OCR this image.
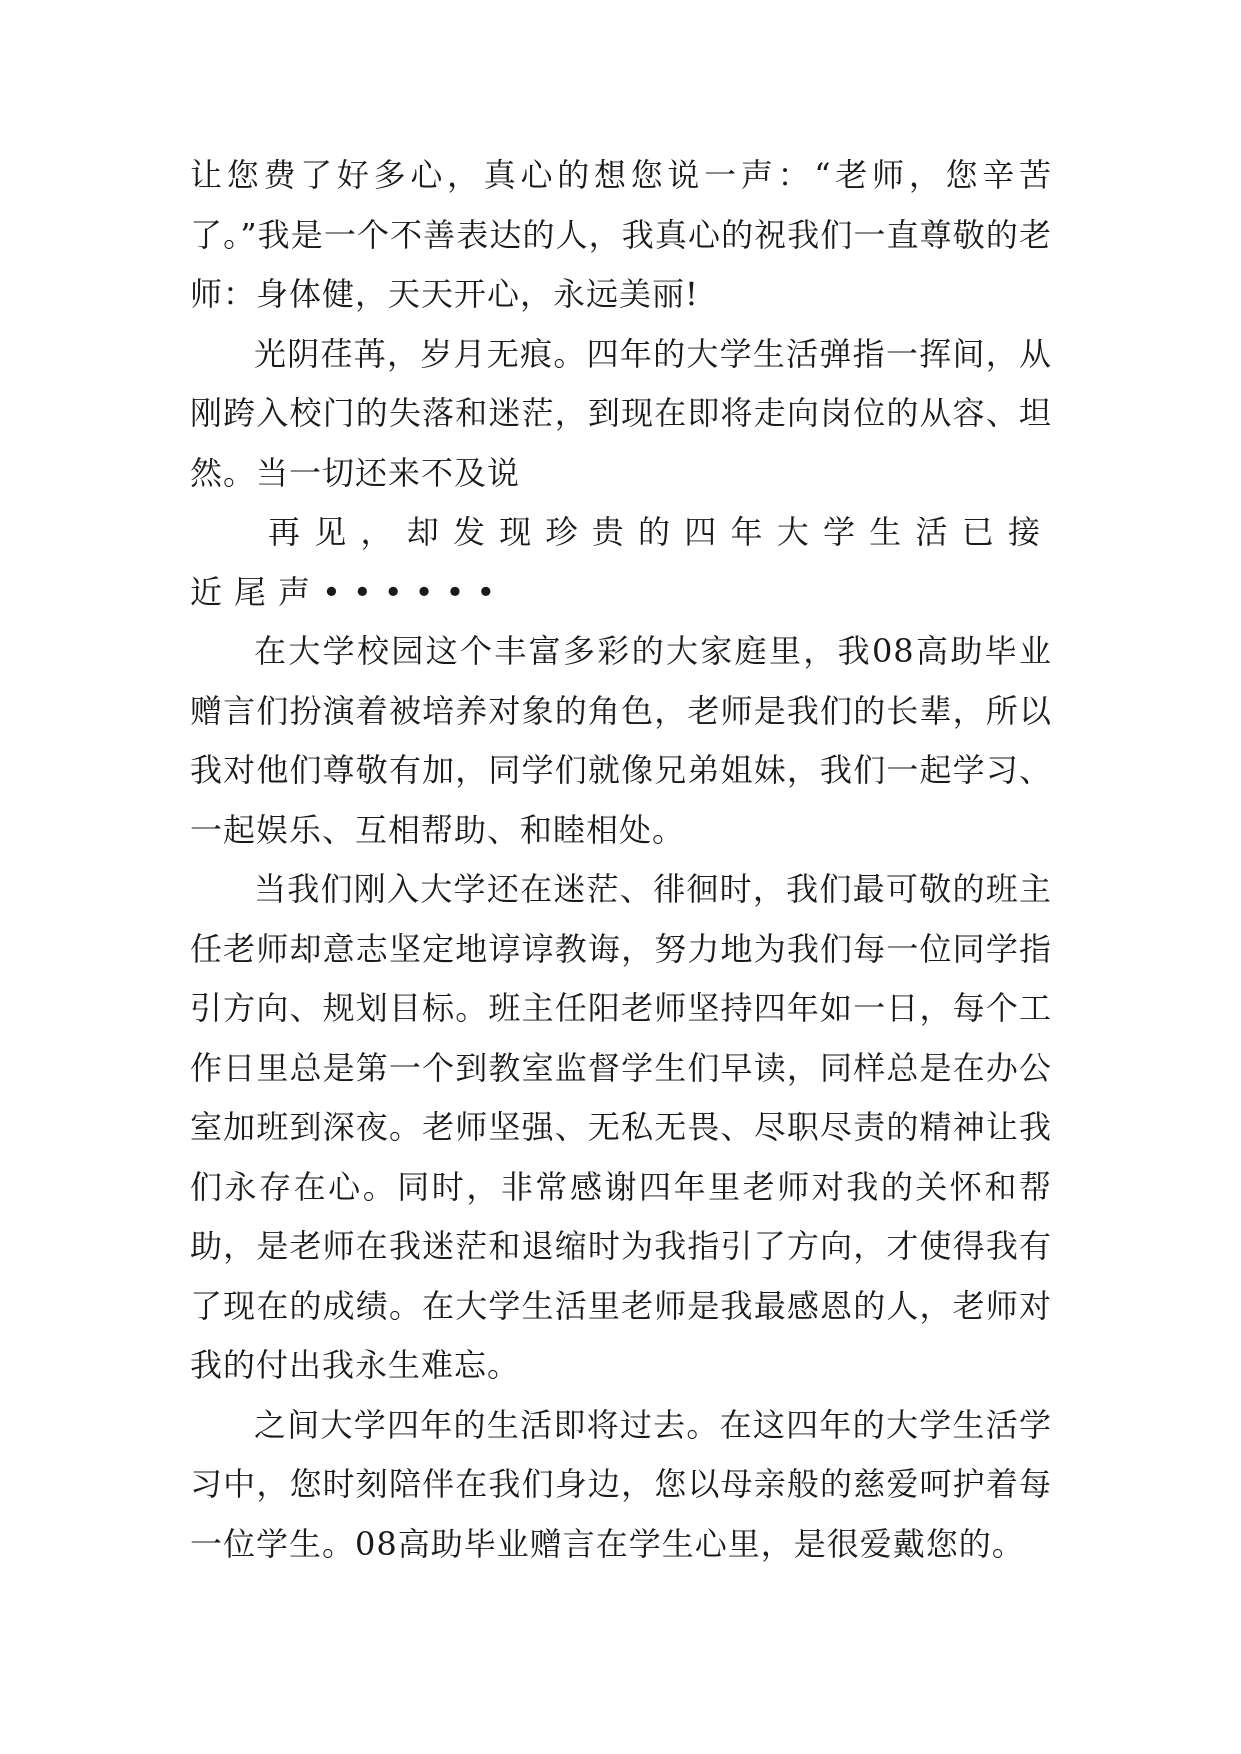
让您费了好多心，真心的想您说一声：“老师，您辛苦了。”我是一个不善表达的人，我真心的祝我们一直尊敬的老师：身体健，天天开心，永远美丽!

光阴荏苒，岁月无痕。四年的大学生活弹指一挥间，从刚跨入校门的失落和迷茫，到现在即将走向岗位的从容、坦然。当一切还来不及说

再见，却发现珍贵的四年大学生活已接近尾声••••••

在大学校园这个丰富多彩的大家庭里，我08高助毕业赠言们扮演着被培养对象的角色，老师是我们的长辈，所以我对他们尊敬有加，同学们就像兄弟姐妹，我们一起学习、一起娱乐、互相帮助、和睦相处。

当我们刚入大学还在迷茫、徘徊时，我们最可敬的班主任老师却意志坚定地谆谆教诲，努力地为我们每一位同学指引方向、规划目标。班主任阳老师坚持四年如一日，每个工作日里总是第一个到教室监督学生们早读，同样总是在办公室加班到深夜。老师坚强、无私无畏、尽职尽责的精神让我们永存在心。同时，非常感谢四年里老师对我的关怀和帮助，是老师在我迷茫和退缩时为我指引了方向，才使得我有了现在的成绩。在大学生活里老师是我最感恩的人，老师对我的付出我永生难忘。

之间大学四年的生活即将过去。在这四年的大学生活学习中，您时刻陪伴在我们身边，您以母亲般的慈爱呵护着每一位学生。08高助毕业赠言在学生心里，是很爱戴您的。
